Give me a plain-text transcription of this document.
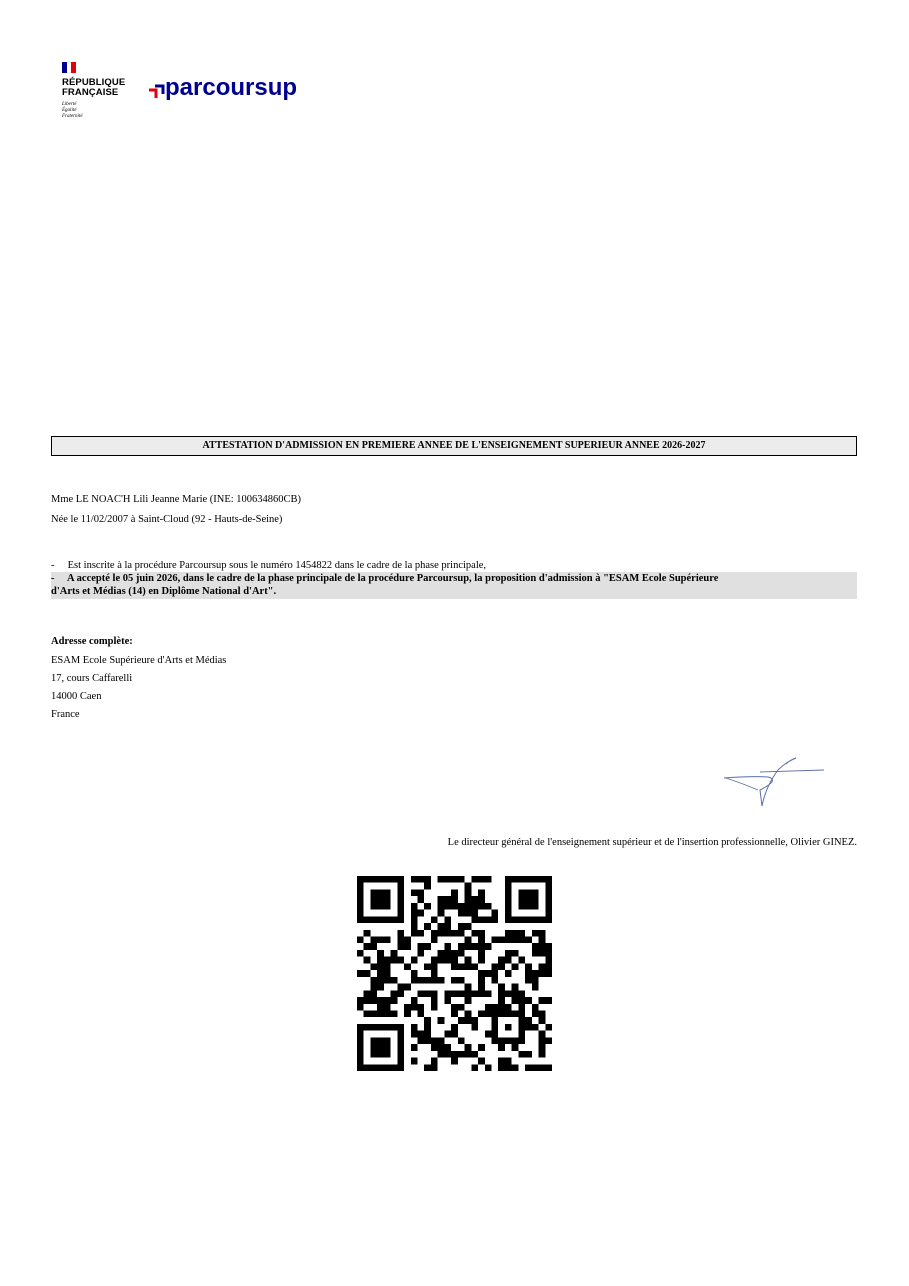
RÉPUBLIQUE
FRANÇAISE
Liberté
Égalité
Fraternité
parcoursup
ATTESTATION D'ADMISSION EN PREMIERE ANNEE DE L'ENSEIGNEMENT SUPERIEUR ANNEE 2026-2027
Mme LE NOAC'H Lili Jeanne Marie (INE: 100634860CB)
Née le 11/02/2007 à Saint-Cloud (92 - Hauts-de-Seine)
-     Est inscrite à la procédure Parcoursup sous le numéro 1454822 dans le cadre de la phase principale,
-     A accepté le 05 juin 2026, dans le cadre de la phase principale de la procédure Parcoursup, la proposition d'admission à "ESAM Ecole Supérieure
d'Arts et Médias (14) en Diplôme National d'Art".
Adresse complète:
ESAM Ecole Supérieure d'Arts et Médias
17, cours Caffarelli
14000 Caen
France
Le directeur général de l'enseignement supérieur et de l'insertion professionnelle, Olivier GINEZ.
